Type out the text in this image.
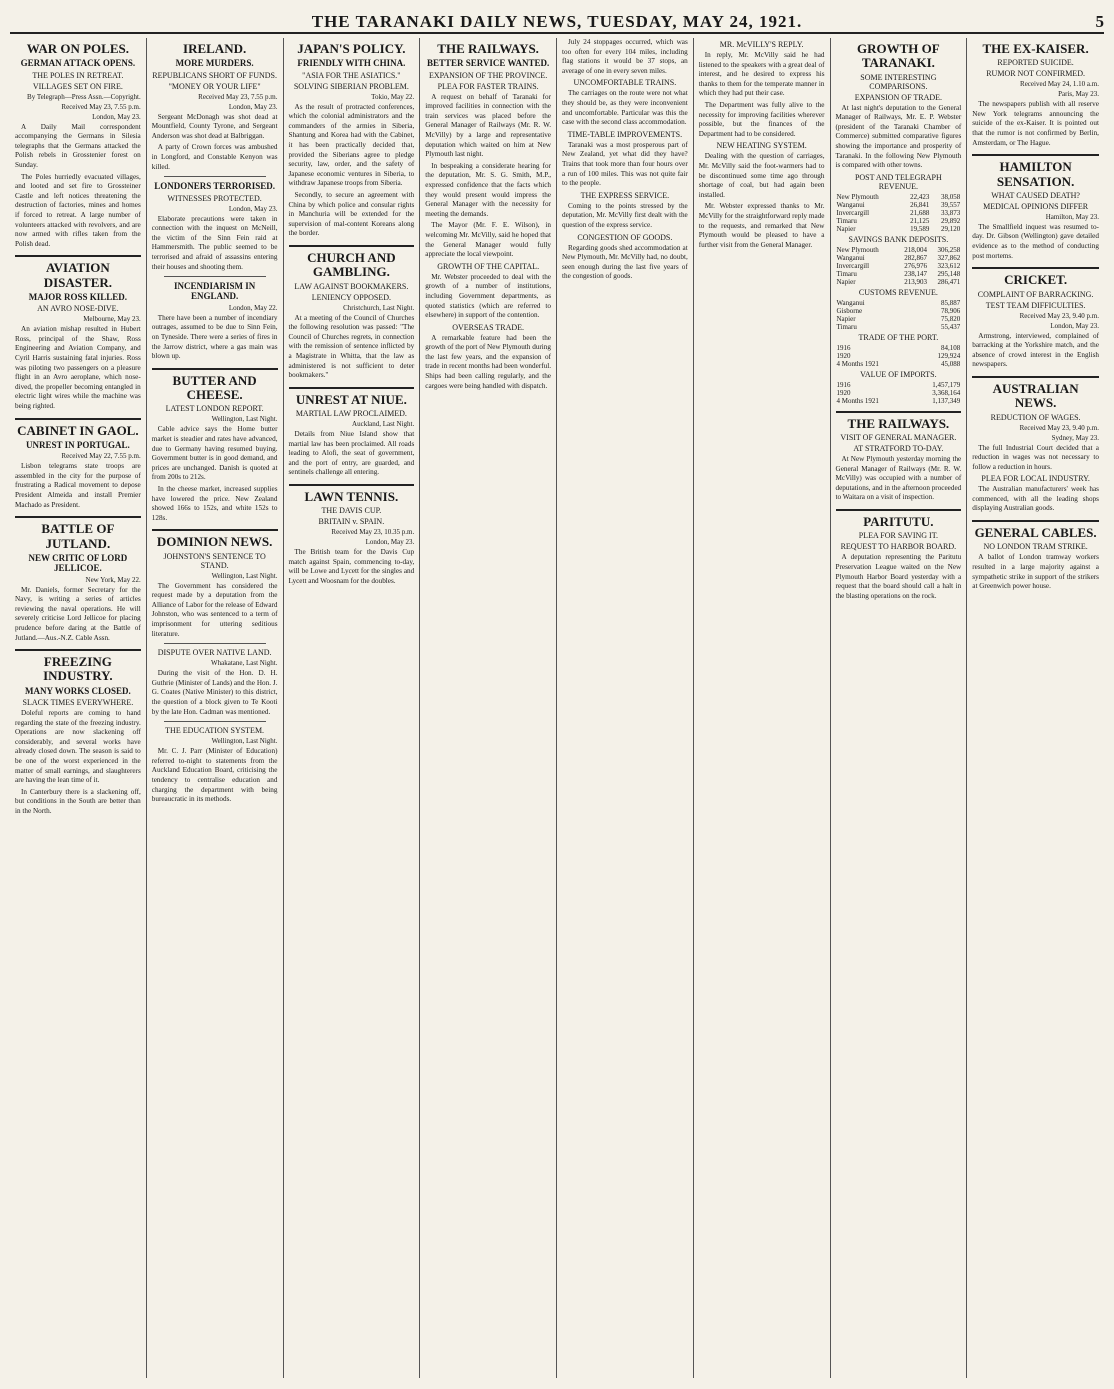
THE TARANAKI DAILY NEWS, TUESDAY, MAY 24, 1921.	5
WAR ON POLES.
GERMAN ATTACK OPENS.
THE POLES IN RETREAT.
VILLAGES SET ON FIRE.
By Telegraph—Press Assn.—Copyright.
Received May 23, 7.55 p.m.
London, May 23.

A Daily Mail correspondent accompanying the Germans in Silesia telegraphs that the Germans attacked the Polish rebels in Grosstenier forest on Sunday.

The Poles hurriedly evacuated villages, and looted and set fire to Grossteiner Castle and left notices threatening the destruction of factories, mines and homes if forced to retreat. A large number of volunteers attacked with revolvers, and are now armed with rifles taken from the Polish dead.

AVIATION DISASTER.
MAJOR ROSS KILLED.
AN AVRO NOSE-DIVE.
Melbourne, May 23.

An aviation mishap resulted in Hubert Ross, principal of the Shaw, Ross Engineering and Aviation Company, and Cyril Harris sustaining fatal injuries. Ross was piloting two passengers on a pleasure flight in an Avro aeroplane, which nose-dived, the propeller becoming entangled in electric light wires while the machine was being righted.

CABINET IN GAOL.
UNREST IN PORTUGAL.
Received May 22, 7.55 p.m.

Lisbon telegrams state troops are assembled in the city for the purpose of frustrating a Radical movement to depose President Almeida and install Premier Machado as President.

BATTLE OF JUTLAND.
NEW CRITIC OF LORD JELLICOE.
New York, May 22.

Mr. Daniels, former Secretary for the Navy, is writing a series of articles reviewing the naval operations. He will severely criticise Lord Jellicoe for placing prudence before daring at the Battle of Jutland.—Aus.-N.Z. Cable Assn.

FREEZING INDUSTRY.
MANY WORKS CLOSED.
SLACK TIMES EVERYWHERE.

Doleful reports are coming to hand regarding the state of the freezing industry. Operations are now slackening off considerably, and several works have already closed down. The season is said to be one of the worst experienced in the matter of small earnings, and slaughterers are having the lean time of it.

In Canterbury there is a slackening off, but conditions in the South are better than in the North.

IRELAND.
MORE MURDERS.
REPUBLICANS SHORT OF FUNDS.
"MONEY OR YOUR LIFE"
Received May 23, 7.55 p.m.
London, May 23.

Sergeant McDonagh was shot dead at Mountfield, County Tyrone, and Sergeant Anderson was shot dead at Balbriggan.

A party of Crown forces was ambushed in Longford, and Constable Kenyon was killed.

LONDONERS TERRORISED.
WITNESSES PROTECTED.
London, May 23.

Elaborate precautions were taken in connection with the inquest on McNeill, the victim of the Sinn Fein raid at Hammersmith. The public seemed to be terrorised and afraid of assassins entering their houses and shooting them.

INCENDIARISM IN ENGLAND.
London, May 22.

There have been a number of incendiary outrages, assumed to be due to Sinn Fein, on Tyneside. There were a series of fires in the Jarrow district, where a gas main was blown up.

BUTTER AND CHEESE.
LATEST LONDON REPORT.
Wellington, Last Night.

Cable advice says the Home butter market is steadier and rates have advanced, due to Germany having resumed buying. Government butter is in good demand, and prices are unchanged. Danish is quoted at from 200s to 212s.

In the cheese market, increased supplies have lowered the price. New Zealand showed 166s to 152s, and white 152s to 128s.

DOMINION NEWS.
JOHNSTON'S SENTENCE TO STAND.
Wellington, Last Night.

The Government has considered the request made by a deputation from the Alliance of Labor for the release of Edward Johnston, who was sentenced to a term of imprisonment for uttering seditious literature.

DISPUTE OVER NATIVE LAND.
Whakatane, Last Night.

During the visit of the Hon. D. H. Guthrie (Minister of Lands) and the Hon. J. G. Coates (Native Minister) to this district, the question of a block given to Te Kooti by the late Hon. Cadman was mentioned.

THE EDUCATION SYSTEM.
Wellington, Last Night.

Mr. C. J. Parr (Minister of Education) referred to-night to statements from the Auckland Education Board, criticising the tendency to centralise education and charging the department with being bureaucratic in its methods.

JAPAN'S POLICY.
FRIENDLY WITH CHINA.
"ASIA FOR THE ASIATICS."
SOLVING SIBERIAN PROBLEM.
Tokio, May 22.

As the result of protracted conferences, which the colonial administrators and the commanders of the armies in Siberia, Shantung and Korea had with the Cabinet, it has been practically decided that, provided the Siberians agree to pledge security, law, order, and the safety of Japanese economic ventures in Siberia, to withdraw Japanese troops from Siberia.

Secondly, to secure an agreement with China by which police and consular rights in Manchuria will be extended for the supervision of mal-content Koreans along the border.

CHURCH AND GAMBLING.
LAW AGAINST BOOKMAKERS.
LENIENCY OPPOSED.
Christchurch, Last Night.

At a meeting of the Council of Churches the following resolution was passed: "The Council of Churches regrets, in connection with the remission of sentence inflicted by a Magistrate in Whitta, that the law as administered is not sufficient to deter bookmakers."

UNREST AT NIUE.
MARTIAL LAW PROCLAIMED.
Auckland, Last Night.

Details from Niue Island show that martial law has been proclaimed. All roads leading to Alofi, the seat of government, and the port of entry, are guarded, and sentinels challenge all entering.

LAWN TENNIS.
THE DAVIS CUP.
BRITAIN v. SPAIN.
Received May 23, 10.35 p.m.
London, May 23.

The British team for the Davis Cup match against Spain, commencing to-day, will be Lowe and Lycett for the singles and Lycett and Woosnam for the doubles.

THE RAILWAYS.
BETTER SERVICE WANTED.
EXPANSION OF THE PROVINCE.
PLEA FOR FASTER TRAINS.

A request on behalf of Taranaki for improved facilities in connection with the train services was placed before the General Manager of Railways (Mr. R. W. McVilly) by a large and representative deputation which waited on him at New Plymouth last night.

In bespeaking a considerate hearing for the deputation, Mr. S. G. Smith, M.P., expressed confidence that the facts which they would present would impress the General Manager with the necessity for meeting the demands.

The Mayor (Mr. F. E. Wilson), in welcoming Mr. McVilly, said he hoped that the General Manager would fully appreciate the local viewpoint.

GROWTH OF THE CAPITAL.

Mr. Webster proceeded to deal with the growth of a number of institutions, including Government departments, as quoted statistics (which are referred to elsewhere) in support of the contention.

OVERSEAS TRADE.

A remarkable feature had been the growth of the port of New Plymouth during the last few years, and the expansion of trade in recent months had been wonderful. Ships had been calling regularly, and the cargoes were being handled with dispatch.

July 24 stoppages occurred, which was too often for every 104 miles, including flag stations it would be 37 stops, an average of one in every seven miles.

UNCOMFORTABLE TRAINS.

The carriages on the route were not what they should be, as they were inconvenient and uncomfortable. Particular was this the case with the second class accommodation.

TIME-TABLE IMPROVEMENTS.

Taranaki was a most prosperous part of New Zealand, yet what did they have? Trains that took more than four hours over a run of 100 miles. This was not quite fair to the people.

THE EXPRESS SERVICE.

Coming to the points stressed by the deputation, Mr. McVilly first dealt with the question of the express service.

CONGESTION OF GOODS.

Regarding goods shed accommodation at New Plymouth, Mr. McVilly had, no doubt, seen enough during the last five years of the congestion of goods.

MR. McVILLY'S REPLY.

In reply, Mr. McVilly said he had listened to the speakers with a great deal of interest, and he desired to express his thanks to them for the temperate manner in which they had put their case.

The Department was fully alive to the necessity for improving facilities wherever possible, but the finances of the Department had to be considered.

NEW HEATING SYSTEM.

Dealing with the question of carriages, Mr. McVilly said the foot-warmers had to be discontinued some time ago through shortage of coal, but had again been installed.

Mr. Webster expressed thanks to Mr. McVilly for the straightforward reply made to the requests, and remarked that New Plymouth would be pleased to have a further visit from the General Manager.

GROWTH OF TARANAKI.
SOME INTERESTING COMPARISONS.
EXPANSION OF TRADE.

At last night's deputation to the General Manager of Railways, Mr. E. P. Webster (president of the Taranaki Chamber of Commerce) submitted comparative figures showing the importance and prosperity of Taranaki. In the following New Plymouth is compared with other towns.

POST AND TELEGRAPH REVENUE.
New Plymouth	22,423	38,058
Wanganui	26,841	39,557
Invercargill	21,688	33,873
Timaru	21,125	29,892
Napier	19,589	29,120
SAVINGS BANK DEPOSITS.
New Plymouth	218,004	306,258
Wanganui	282,867	327,862
Invercargill	276,976	323,612
Timaru	238,147	295,148
Napier	213,903	286,471
CUSTOMS REVENUE.
Wanganui		85,887
Gisborne		78,906
Napier		75,820
Timaru		55,437
TRADE OF THE PORT.
1916		84,108
1920		129,924
4 Months 1921		45,088
VALUE OF IMPORTS.
1916		1,457,179
1920		3,368,164
4 Months 1921		1,137,349
THE RAILWAYS.
VISIT OF GENERAL MANAGER.
AT STRATFORD TO-DAY.

At New Plymouth yesterday morning the General Manager of Railways (Mr. R. W. McVilly) was occupied with a number of deputations, and in the afternoon proceeded to Waitara on a visit of inspection.

PARITUTU.
PLEA FOR SAVING IT.
REQUEST TO HARBOR BOARD.

A deputation representing the Paritutu Preservation League waited on the New Plymouth Harbor Board yesterday with a request that the board should call a halt in the blasting operations on the rock.

THE EX-KAISER.
REPORTED SUICIDE.
RUMOR NOT CONFIRMED.
Received May 24, 1.10 a.m.
Paris, May 23.

The newspapers publish with all reserve New York telegrams announcing the suicide of the ex-Kaiser. It is pointed out that the rumor is not confirmed by Berlin, Amsterdam, or The Hague.

HAMILTON SENSATION.
WHAT CAUSED DEATH?
MEDICAL OPINIONS DIFFER
Hamilton, May 23.

The Smallfield inquest was resumed to-day. Dr. Gibson (Wellington) gave detailed evidence as to the method of conducting post mortems.

CRICKET.
COMPLAINT OF BARRACKING.
TEST TEAM DIFFICULTIES.
Received May 23, 9.40 p.m.
London, May 23.

Armstrong, interviewed, complained of barracking at the Yorkshire match, and the absence of crowd interest in the English newspapers.

AUSTRALIAN NEWS.
REDUCTION OF WAGES.
Received May 23, 9.40 p.m.
Sydney, May 23.

The full Industrial Court decided that a reduction in wages was not necessary to follow a reduction in hours.

PLEA FOR LOCAL INDUSTRY.

The Australian manufacturers' week has commenced, with all the leading shops displaying Australian goods.

GENERAL CABLES.
NO LONDON TRAM STRIKE.

A ballot of London tramway workers resulted in a large majority against a sympathetic strike in support of the strikers at Greenwich power house.
